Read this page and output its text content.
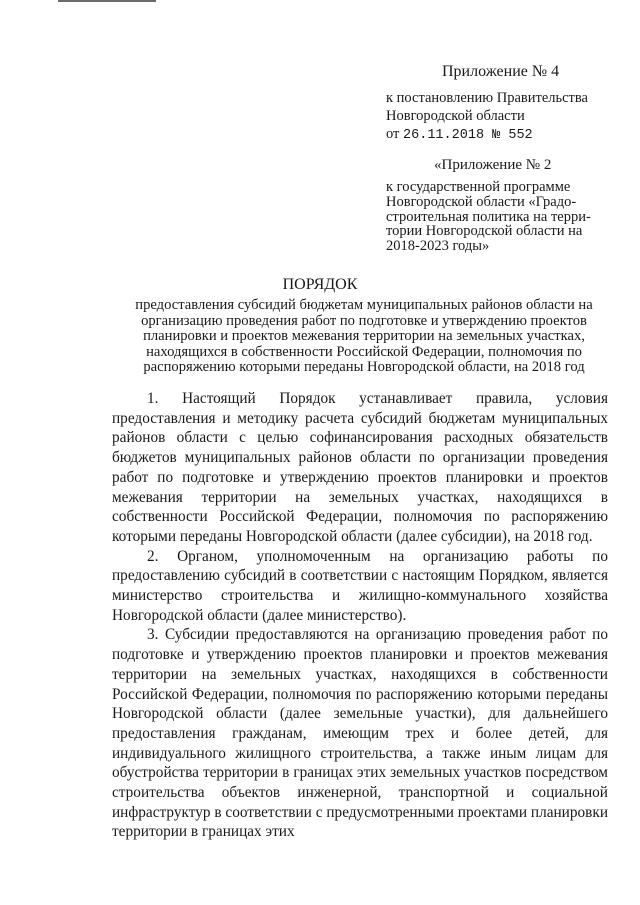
Приложение № 4
к постановлению Правительства
Новгородской области
от 26.11.2018 № 552
«Приложение № 2
к государственной программе
Новгородской области «Градо-
строительная политика на терри-
тории Новгородской области на
2018-2023 годы»
ПОРЯДОК
предоставления субсидий бюджетам муниципальных районов области на
организацию проведения работ по подготовке и утверждению проектов
планировки и проектов межевания территории на земельных участках,
находящихся в собственности Российской Федерации, полномочия по
распоряжению которыми переданы Новгородской области, на 2018 год

1. Настоящий Порядок устанавливает правила, условия предоставления и методику расчета субсидий бюджетам муниципальных районов области с целью софинансирования расходных обязательств бюджетов муниципальных районов области по организации проведения работ по подготовке и утверждению проектов планировки и проектов межевания территории на земельных участках, находящихся в собственности Российской Федерации, полномочия по распоряжению которыми переданы Новгородской области (далее субсидии), на 2018 год.

2. Органом, уполномоченным на организацию работы по предоставлению субсидий в соответствии с настоящим Порядком, является министерство строительства и жилищно-коммунального хозяйства Новгородской области (далее министерство).

3. Субсидии предоставляются на организацию проведения работ по подготовке и утверждению проектов планировки и проектов межевания территории на земельных участках, находящихся в собственности Российской Федерации, полномочия по распоряжению которыми переданы Новгородской области (далее земельные участки), для дальнейшего предоставления гражданам, имеющим трех и более детей, для индивидуального жилищного строительства, а также иным лицам для обустройства территории в границах этих земельных участков посредством строительства объектов инженерной, транспортной и социальной инфраструктур в соответствии с предусмотренными проектами планировки территории в границах этих
